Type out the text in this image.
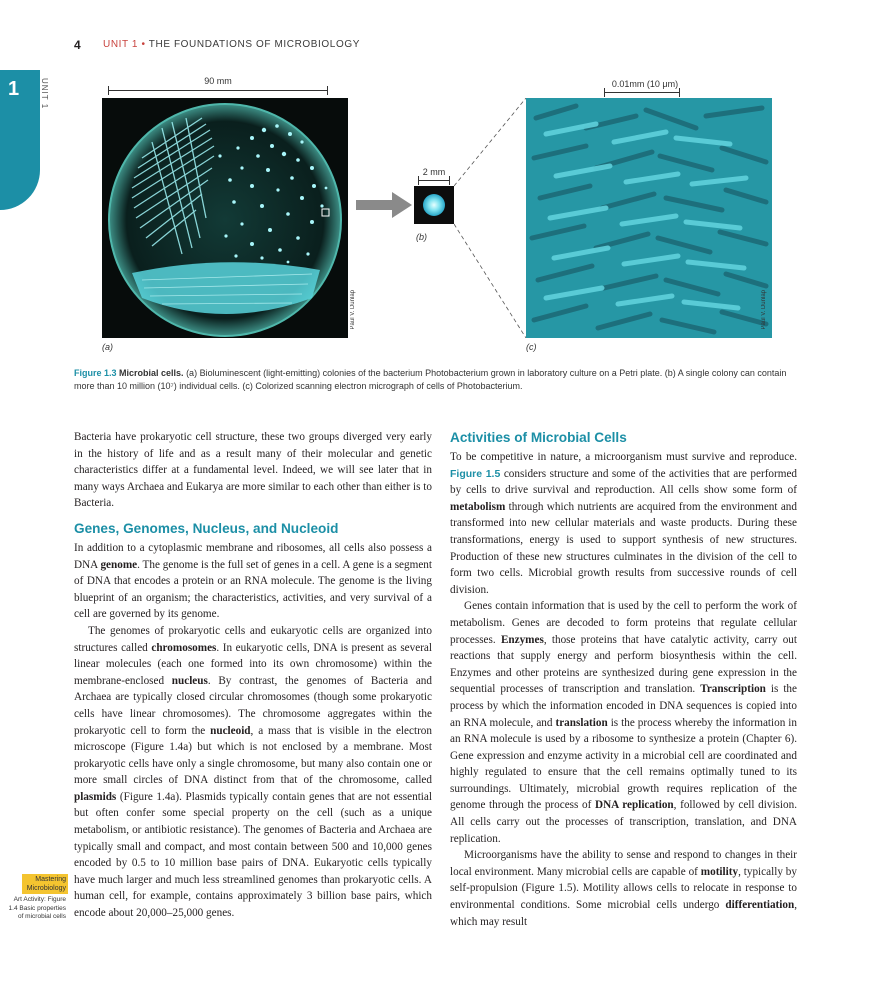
4 UNIT 1 • THE FOUNDATIONS OF MICROBIOLOGY
1	UNIT 1	90 mm
2 mm
0.01mm (10 μm)
Paul V. Dunlap
(a)
(b)
Paul V. Dunlap
(c)
Figure 1.3 Microbial cells. (a) Bioluminescent (light-emitting) colonies of the bacterium Photobacterium grown in laboratory culture on a Petri plate. (b) A single colony can contain more than 10 million (10⁷) individual cells. (c) Colorized scanning electron micrograph of cells of Photobacterium.

Bacteria have prokaryotic cell structure, these two groups diverged very early in the history of life and as a result many of their molecular and genetic characteristics differ at a fundamental level. Indeed, we will see later that in many ways Archaea and Eukarya are more similar to each other than either is to Bacteria.

Genes, Genomes, Nucleus, and Nucleoid

In addition to a cytoplasmic membrane and ribosomes, all cells also possess a DNA genome. The genome is the full set of genes in a cell. A gene is a segment of DNA that encodes a protein or an RNA molecule. The genome is the living blueprint of an organism; the characteristics, activities, and very survival of a cell are governed by its genome.

The genomes of prokaryotic cells and eukaryotic cells are organized into structures called chromosomes. In eukaryotic cells, DNA is present as several linear molecules (each one formed into its own chromosome) within the membrane-enclosed nucleus. By contrast, the genomes of Bacteria and Archaea are typically closed circular chromosomes (though some prokaryotic cells have linear chromosomes). The chromosome aggregates within the prokaryotic cell to form the nucleoid, a mass that is visible in the electron microscope (Figure 1.4a) but which is not enclosed by a membrane. Most prokaryotic cells have only a single chromosome, but many also contain one or more small circles of DNA distinct from that of the chromosome, called plasmids (Figure 1.4a). Plasmids typically contain genes that are not essential but often confer some special property on the cell (such as a unique metabolism, or antibiotic resistance). The genomes of Bacteria and Archaea are typically small and compact, and most contain between 500 and 10,000 genes encoded by 0.5 to 10 million base pairs of DNA. Eukaryotic cells typically have much larger and much less streamlined genomes than prokaryotic cells. A human cell, for example, contains approximately 3 billion base pairs, which encode about 20,000–25,000 genes.

Mastering Microbiology
Art Activity: Figure 1.4 Basic properties of microbial cells
Activities of Microbial Cells

To be competitive in nature, a microorganism must survive and reproduce. Figure 1.5 considers structure and some of the activities that are performed by cells to drive survival and reproduction. All cells show some form of metabolism through which nutrients are acquired from the environment and transformed into new cellular materials and waste products. During these transformations, energy is used to support synthesis of new structures. Production of these new structures culminates in the division of the cell to form two cells. Microbial growth results from successive rounds of cell division.

Genes contain information that is used by the cell to perform the work of metabolism. Genes are decoded to form proteins that regulate cellular processes. Enzymes, those proteins that have catalytic activity, carry out reactions that supply energy and perform biosynthesis within the cell. Enzymes and other proteins are synthesized during gene expression in the sequential processes of transcription and translation. Transcription is the process by which the information encoded in DNA sequences is copied into an RNA molecule, and translation is the process whereby the information in an RNA molecule is used by a ribosome to synthesize a protein (Chapter 6). Gene expression and enzyme activity in a microbial cell are coordinated and highly regulated to ensure that the cell remains optimally tuned to its surroundings. Ultimately, microbial growth requires replication of the genome through the process of DNA replication, followed by cell division. All cells carry out the processes of transcription, translation, and DNA replication.

Microorganisms have the ability to sense and respond to changes in their local environment. Many microbial cells are capable of motility, typically by self-propulsion (Figure 1.5). Motility allows cells to relocate in response to environmental conditions. Some microbial cells undergo differentiation, which may result
